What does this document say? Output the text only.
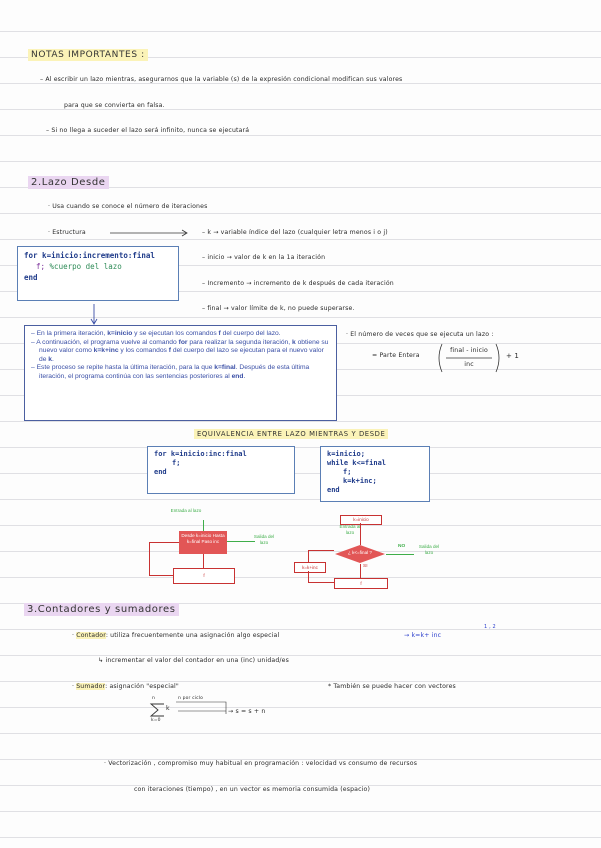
NOTAS IMPORTANTES :
– Al escribir un lazo mientras, asegurarnos que la variable (s) de la expresión condicional modifican sus valores
para que se convierta en falsa.
– Si no llega a suceder el lazo será infinito, nunca se ejecutará
2.Lazo Desde
· Usa cuando se conoce el número de iteraciones
· Estructura
for k=inicio:incremento:final
f; %cuerpo del lazo
end
– k → variable índice del lazo (cualquier letra menos i o j)
– inicio → valor de k en la 1a iteración
– Incremento → incremento de k después de cada iteración
– final → valor límite de k, no puede superarse.
– En la primera iteración, k=inicio y se ejecutan los comandos f del cuerpo del lazo.
– A continuación, el programa vuelve al comando for para realizar la segunda iteración, k obtiene su nuevo valor como k=k+inc y los comandos f del cuerpo del lazo se ejecutan para el nuevo valor de k.
– Este proceso se repite hasta la última iteración, para la que k=final. Después de esta última iteración, el programa continúa con las sentencias posteriores al end.
· El número de veces que se ejecuta un lazo :
= Parte Entera
final - inicio
inc
+ 1
EQUIVALENCIA ENTRE LAZO MIENTRAS Y DESDE
for k=inicio:inc:final
f;
end
k=inicio;
while k<=final
f;
k=k+inc;
end
Entrada al lazo
Desde k=inicio Hasta k=final Paso inc
Salida del lazo
f
k=inicio
Entrada al lazo
¿ k<=final ?
NO	Salida del lazo
SI
f
k=k+inc
3.Contadores y sumadores
· Contador: utiliza frecuentemente una asignación algo especial	→ k=k+ inc
1 , 2
↳ incrementar el valor del contador en una (inc) unidad/es
· Sumador: asignación "especial"	* También se puede hacer con vectores
n	n por ciclo
k
k=0
→ s = s + n
· Vectorización , compromiso muy habitual en programación : velocidad vs consumo de recursos
con iteraciones (tiempo) , en un vector es memoria consumida (espacio)
